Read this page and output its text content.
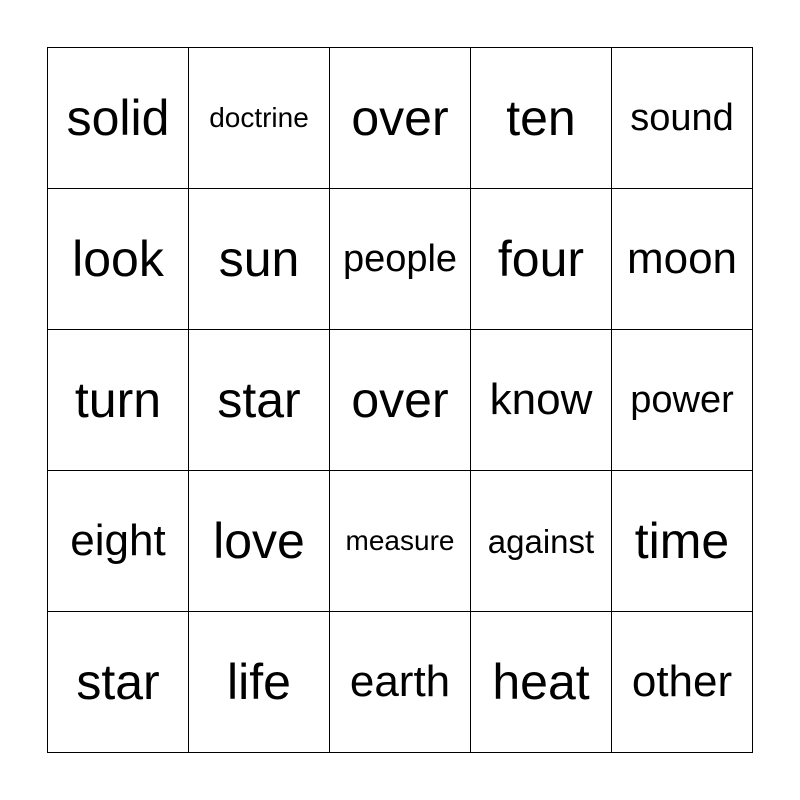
solid doctrine over ten sound
look sun people four moon
turn star over know power
eight love measure against time
star life earth heat other
